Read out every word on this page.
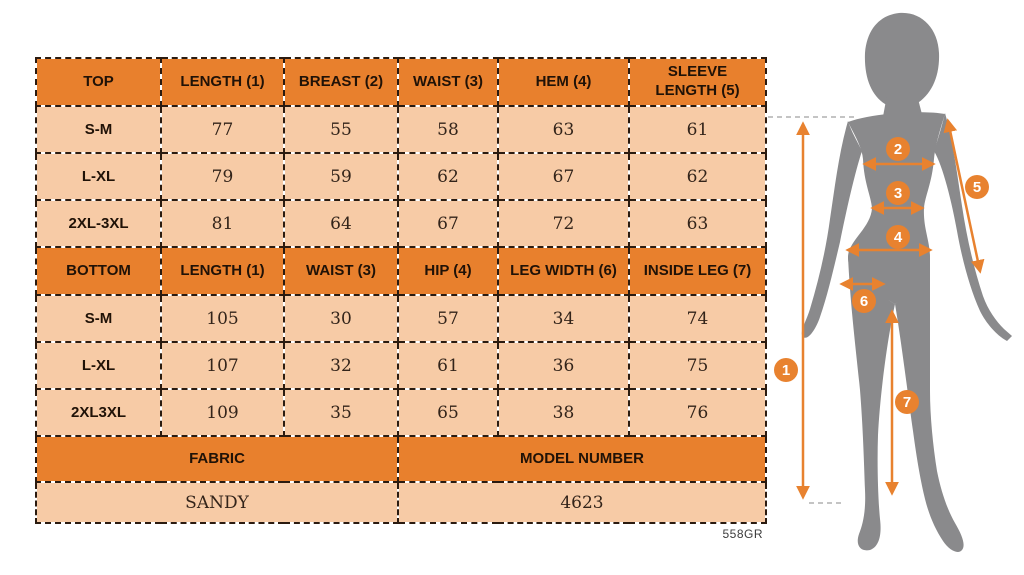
TOP	LENGTH (1)	BREAST (2)	WAIST (3)	HEM (4)	SLEEVE LENGTH (5)
S-M	77	55	58	63	61
L-XL	79	59	62	67	62
2XL-3XL	81	64	67	72	63
BOTTOM	LENGTH (1)	WAIST (3)	HIP (4)	LEG WIDTH (6)	INSIDE LEG (7)
S-M	105	30	57	34	74
L-XL	107	32	61	36	75
2XL3XL	109	35	65	38	76
FABRIC			MODEL NUMBER		
SANDY			4623		
558GR
1
2
3
4
5
6
7
